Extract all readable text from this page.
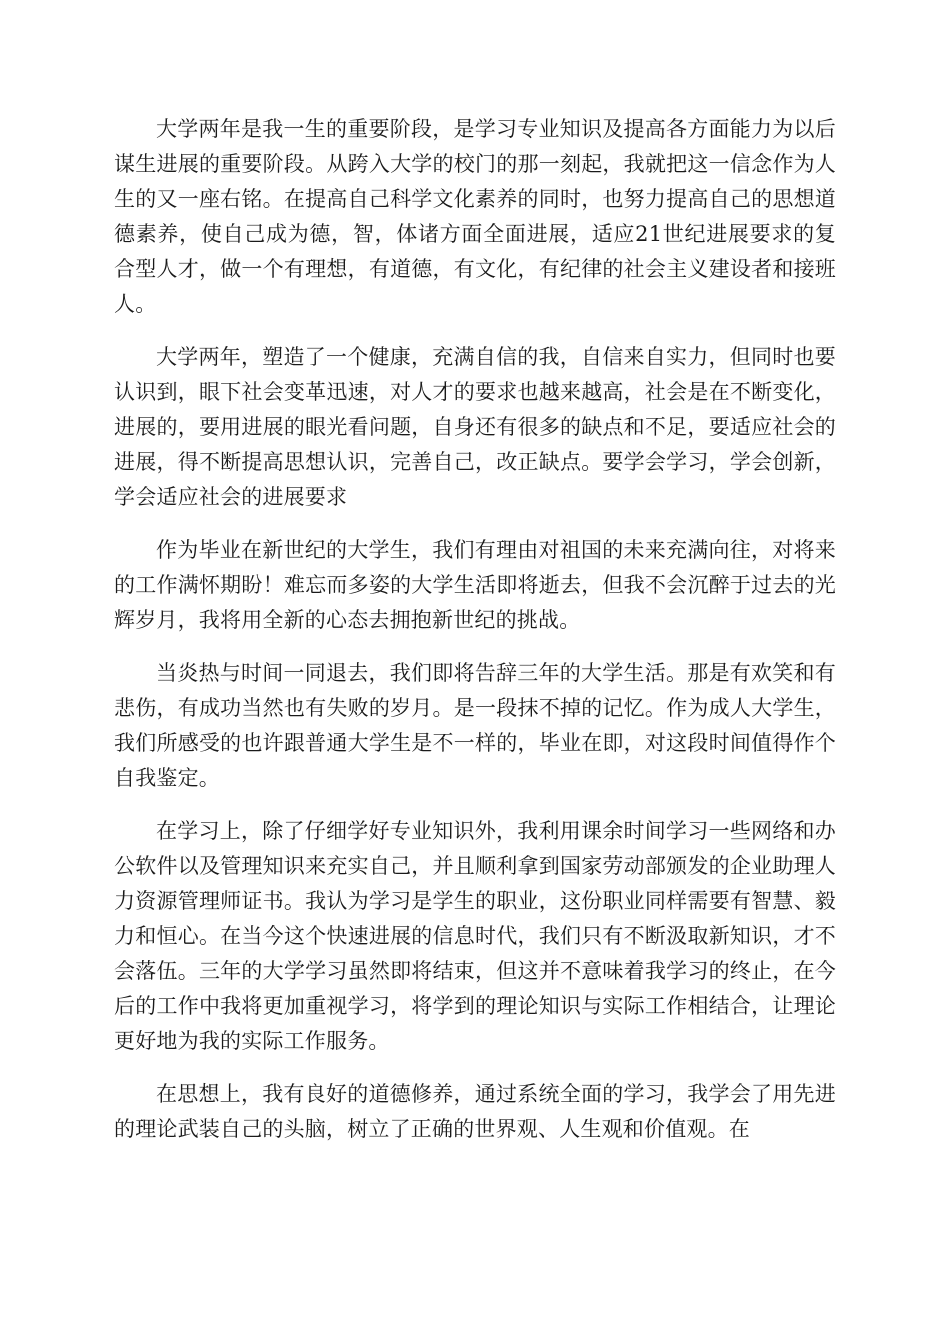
大学两年是我一生的重要阶段，是学习专业知识及提高各方面能力为以后谋生进展的重要阶段。从跨入大学的校门的那一刻起，我就把这一信念作为人生的又一座右铭。在提高自己科学文化素养的同时，也努力提高自己的思想道德素养，使自己成为德，智，体诸方面全面进展，适应21世纪进展要求的复合型人才，做一个有理想，有道德，有文化，有纪律的社会主义建设者和接班人。

大学两年，塑造了一个健康，充满自信的我，自信来自实力，但同时也要认识到，眼下社会变革迅速，对人才的要求也越来越高，社会是在不断变化，进展的，要用进展的眼光看问题，自身还有很多的缺点和不足，要适应社会的进展，得不断提高思想认识，完善自己，改正缺点。要学会学习，学会创新，学会适应社会的进展要求

作为毕业在新世纪的大学生，我们有理由对祖国的未来充满向往，对将来的工作满怀期盼！难忘而多姿的大学生活即将逝去，但我不会沉醉于过去的光辉岁月，我将用全新的心态去拥抱新世纪的挑战。

当炎热与时间一同退去，我们即将告辞三年的大学生活。那是有欢笑和有悲伤，有成功当然也有失败的岁月。是一段抹不掉的记忆。作为成人大学生，我们所感受的也许跟普通大学生是不一样的，毕业在即，对这段时间值得作个自我鉴定。

在学习上，除了仔细学好专业知识外，我利用课余时间学习一些网络和办公软件以及管理知识来充实自己，并且顺利拿到国家劳动部颁发的企业助理人力资源管理师证书。我认为学习是学生的职业，这份职业同样需要有智慧、毅力和恒心。在当今这个快速进展的信息时代，我们只有不断汲取新知识，才不会落伍。三年的大学学习虽然即将结束，但这并不意味着我学习的终止，在今后的工作中我将更加重视学习，将学到的理论知识与实际工作相结合，让理论更好地为我的实际工作服务。

在思想上，我有良好的道德修养，通过系统全面的学习，我学会了用先进的理论武装自己的头脑，树立了正确的世界观、人生观和价值观。在
